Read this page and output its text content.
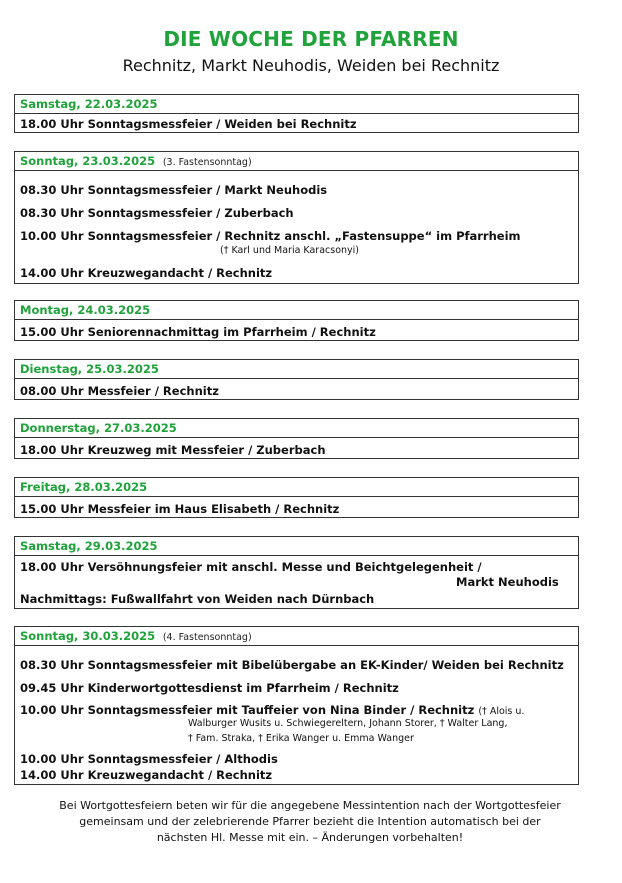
DIE WOCHE DER PFARREN
Rechnitz, Markt Neuhodis, Weiden bei Rechnitz
Samstag, 22.03.2025
18.00 Uhr Sonntagsmessfeier / Weiden bei Rechnitz
Sonntag, 23.03.2025 (3. Fastensonntag)
08.30 Uhr Sonntagsmessfeier / Markt Neuhodis
08.30 Uhr Sonntagsmessfeier / Zuberbach
10.00 Uhr Sonntagsmessfeier / Rechnitz anschl. „Fastensuppe“ im Pfarrheim
(† Karl und Maria Karacsonyi)
14.00 Uhr Kreuzwegandacht / Rechnitz
Montag, 24.03.2025
15.00 Uhr Seniorennachmittag im Pfarrheim / Rechnitz
Dienstag, 25.03.2025
08.00 Uhr Messfeier / Rechnitz
Donnerstag, 27.03.2025
18.00 Uhr Kreuzweg mit Messfeier / Zuberbach
Freitag, 28.03.2025
15.00 Uhr Messfeier im Haus Elisabeth / Rechnitz
Samstag, 29.03.2025
18.00 Uhr Versöhnungsfeier mit anschl. Messe und Beichtgelegenheit /
Markt Neuhodis
Nachmittags: Fußwallfahrt von Weiden nach Dürnbach
Sonntag, 30.03.2025 (4. Fastensonntag)
08.30 Uhr Sonntagsmessfeier mit Bibelübergabe an EK-Kinder/ Weiden bei Rechnitz
09.45 Uhr Kinderwortgottesdienst im Pfarrheim / Rechnitz
10.00 Uhr Sonntagsmessfeier mit Tauffeier von Nina Binder / Rechnitz († Alois u.
Walburger Wusits u. Schwiegereltern, Johann Storer, † Walter Lang,
† Fam. Straka, † Erika Wanger u. Emma Wanger
10.00 Uhr Sonntagsmessfeier / Althodis
14.00 Uhr Kreuzwegandacht / Rechnitz
Bei Wortgottesfeiern beten wir für die angegebene Messintention nach der Wortgottesfeier
gemeinsam und der zelebrierende Pfarrer bezieht die Intention automatisch bei der
nächsten Hl. Messe mit ein. – Änderungen vorbehalten!
